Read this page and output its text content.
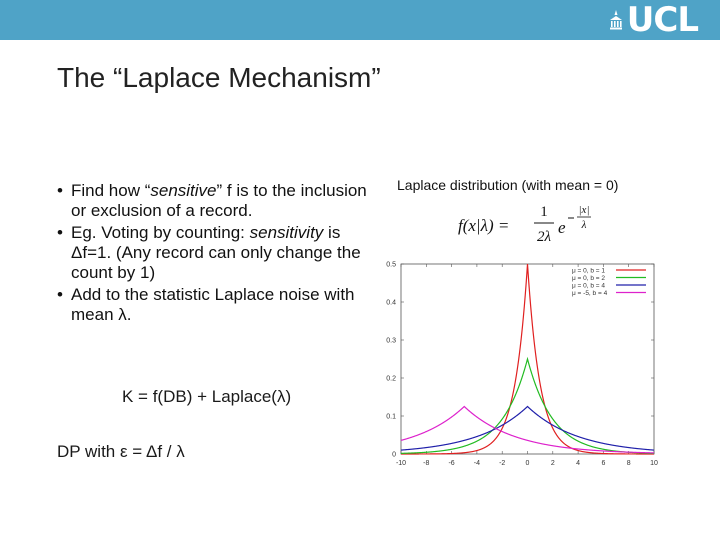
UCL
The “Laplace Mechanism”
• Find how “sensitive” f is to the inclusion or exclusion of a record.
• Eg. Voting by counting: sensitivity is Δf=1. (Any record can only change the count by 1)
• Add to the statistic Laplace noise with mean λ.
K = f(DB) + Laplace(λ)
DP with ε = Δf / λ
Laplace distribution (with mean = 0)
f(x|λ) =
1
2λ e
|x|
λ
-10 -8	-6	-4	-2	0	2	4	6	8	10
0
0.1
0.2
0.3
0.4
0.5
μ = 0, b = 1
μ = 0, b = 2
μ = 0, b = 4
μ = -5, b = 4
